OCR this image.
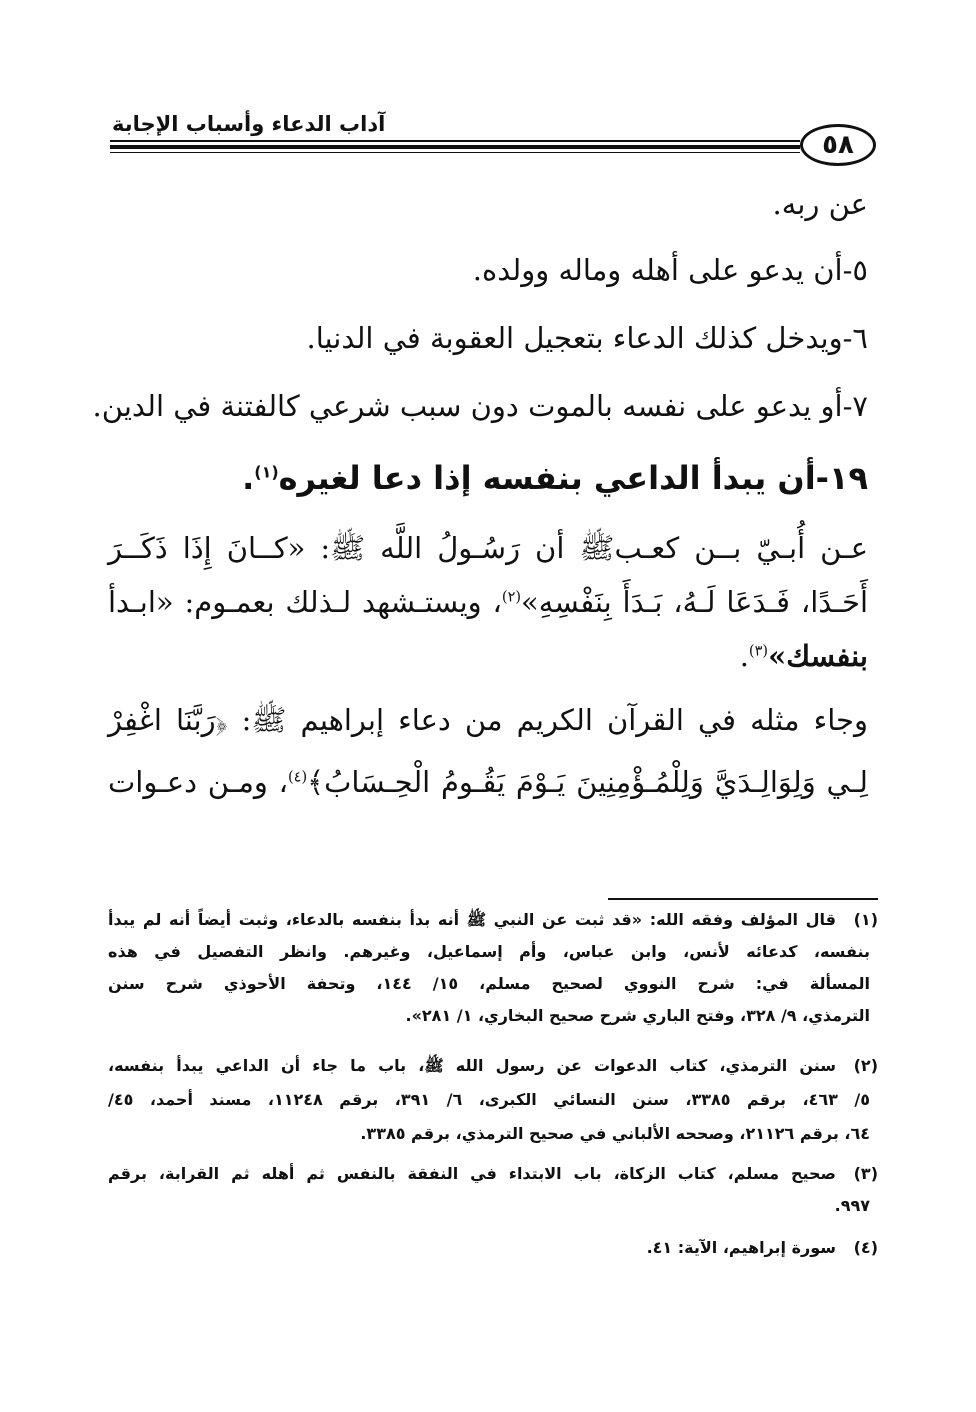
آداب الدعاء وأسباب الإجابة
٥٨
عن ربه.
٥-أن يدعو على أهله وماله وولده.
٦-ويدخل كذلك الدعاء بتعجيل العقوبة في الدنيا.
٧-أو يدعو على نفسه بالموت دون سبب شرعي كالفتنة في الدين.
١٩-أن يبدأ الداعي بنفسه إذا دعا لغيره$^{(١)}$.
عـن أُبـيّ بــن كعـبﷺ أن رَسُـولُ اللَّه ﷺ: «كــانَ إِذَا ذَكَــرَ
أَحَـدًا، فَـدَعَا لَـهُ، بَـدَأَ بِنَفْسِهِ»$^{(٢)}$، ويستـشهد لـذلك بعمـوم: «ابـدأ
بنفسك»$^{(٣)}$.
وجاء مثله في القرآن الكريم من دعاء إبراهيم ﷺ: ﴿رَبَّنَا اغْفِرْ
لِـي وَلِوَالِـدَيَّ وَلِلْمُـؤْمِنِينَ يَـوْمَ يَقُـومُ الْحِـسَابُ﴾$^{(٤)}$، ومـن دعـوات
(١)
قال المؤلف وفقه الله: «قد ثبت عن النبي ﷺ أنه بدأ بنفسه بالدعاء، وثبت أيضاً أنه لم يبدأ
بنفسه، كدعائه لأنس، وابن عباس، وأم إسماعيل، وغيرهم. وانظر التفصيل في هذه
المسألة في: شرح النووي لصحيح مسلم، ١٥/ ١٤٤، وتحفة الأحوذي شرح سنن
الترمذي، ٩/ ٣٢٨، وفتح الباري شرح صحيح البخاري، ١/ ٢٨١».
(٢)
سنن الترمذي، كتاب الدعوات عن رسول الله ﷺ، باب ما جاء أن الداعي يبدأ بنفسه،
٥/ ٤٦٣، برقم ٣٣٨٥، سنن النسائي الكبرى، ٦/ ٣٩١، برقم ١١٢٤٨، مسند أحمد، ٤٥/
٦٤، برقم ٢١١٢٦، وصححه الألباني في صحيح الترمذي، برقم ٣٣٨٥.
(٣)
صحيح مسلم، كتاب الزكاة، باب الابتداء في النفقة بالنفس ثم أهله ثم القرابة، برقم
٩٩٧.
(٤)
سورة إبراهيم، الآية: ٤١.
